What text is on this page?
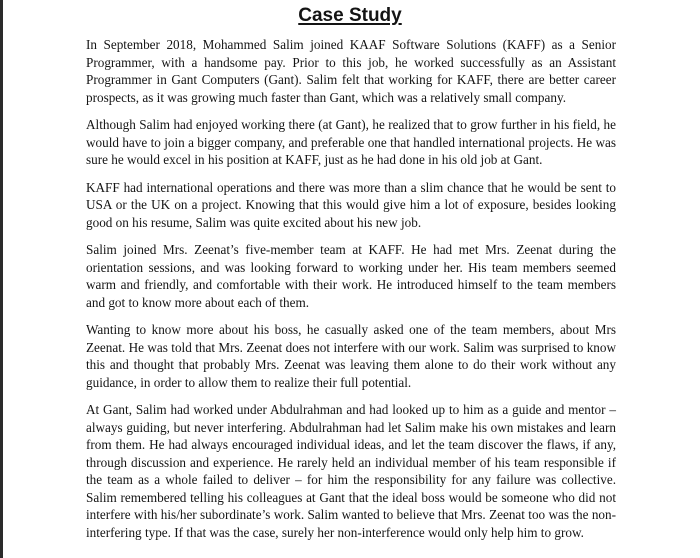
Case Study

In September 2018, Mohammed Salim joined KAAF Software Solutions (KAFF) as a Senior Programmer, with a handsome pay. Prior to this job, he worked successfully as an Assistant Programmer in Gant Computers (Gant). Salim felt that working for KAFF, there are better career prospects, as it was growing much faster than Gant, which was a relatively small company.

Although Salim had enjoyed working there (at Gant), he realized that to grow further in his field, he would have to join a bigger company, and preferable one that handled international projects. He was sure he would excel in his position at KAFF, just as he had done in his old job at Gant.

KAFF had international operations and there was more than a slim chance that he would be sent to USA or the UK on a project. Knowing that this would give him a lot of exposure, besides looking good on his resume, Salim was quite excited about his new job.

Salim joined Mrs. Zeenat’s five-member team at KAFF. He had met Mrs. Zeenat during the orientation sessions, and was looking forward to working under her. His team members seemed warm and friendly, and comfortable with their work. He introduced himself to the team members and got to know more about each of them.

Wanting to know more about his boss, he casually asked one of the team members, about Mrs Zeenat. He was told that Mrs. Zeenat does not interfere with our work. Salim was surprised to know this and thought that probably Mrs. Zeenat was leaving them alone to do their work without any guidance, in order to allow them to realize their full potential.

At Gant, Salim had worked under Abdulrahman and had looked up to him as a guide and mentor – always guiding, but never interfering. Abdulrahman had let Salim make his own mistakes and learn from them. He had always encouraged individual ideas, and let the team discover the flaws, if any, through discussion and experience. He rarely held an individual member of his team responsible if the team as a whole failed to deliver – for him the responsibility for any failure was collective. Salim remembered telling his colleagues at Gant that the ideal boss would be someone who did not interfere with his/her subordinate’s work. Salim wanted to believe that Mrs. Zeenat too was the non-interfering type. If that was the case, surely her non-interference would only help him to grow.
